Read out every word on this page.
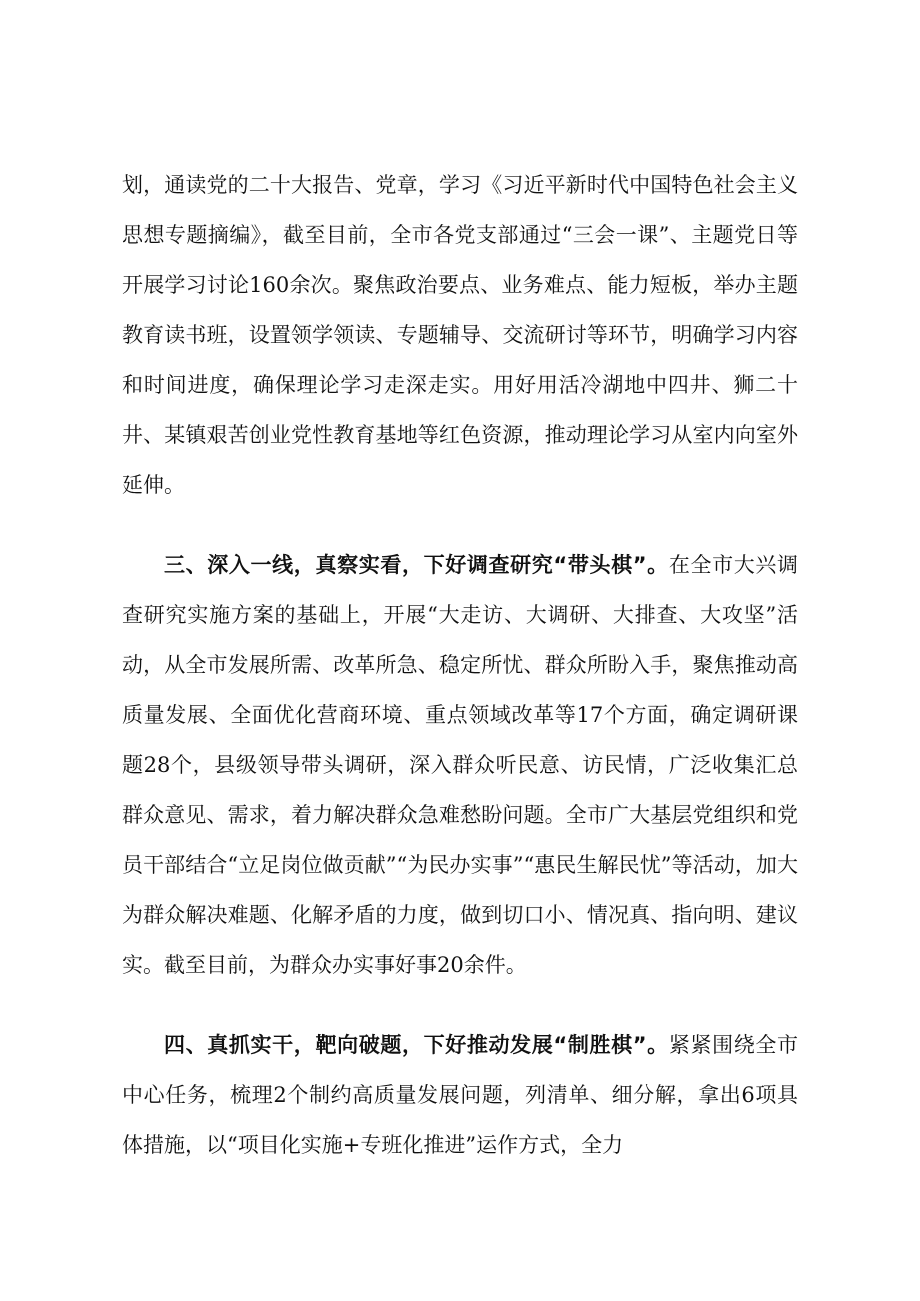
划，通读党的二十大报告、党章，学习《习近平新时代中国特色社会主义思想专题摘编》，截至目前，全市各党支部通过“三会一课”、主题党日等开展学习讨论160余次。聚焦政治要点、业务难点、能力短板，举办主题教育读书班，设置领学领读、专题辅导、交流研讨等环节，明确学习内容和时间进度，确保理论学习走深走实。用好用活冷湖地中四井、狮二十井、某镇艰苦创业党性教育基地等红色资源，推动理论学习从室内向室外延伸。

三、深入一线，真察实看，下好调查研究“带头棋”。在全市大兴调查研究实施方案的基础上，开展“大走访、大调研、大排查、大攻坚”活动，从全市发展所需、改革所急、稳定所忧、群众所盼入手，聚焦推动高质量发展、全面优化营商环境、重点领域改革等17个方面，确定调研课题28个，县级领导带头调研，深入群众听民意、访民情，广泛收集汇总群众意见、需求，着力解决群众急难愁盼问题。全市广大基层党组织和党员干部结合“立足岗位做贡献”“为民办实事”“惠民生解民忧”等活动，加大为群众解决难题、化解矛盾的力度，做到切口小、情况真、指向明、建议实。截至目前，为群众办实事好事20余件。

四、真抓实干，靶向破题，下好推动发展“制胜棋”。紧紧围绕全市中心任务，梳理2个制约高质量发展问题，列清单、细分解，拿出6项具体措施，以“项目化实施+专班化推进”运作方式，全力
